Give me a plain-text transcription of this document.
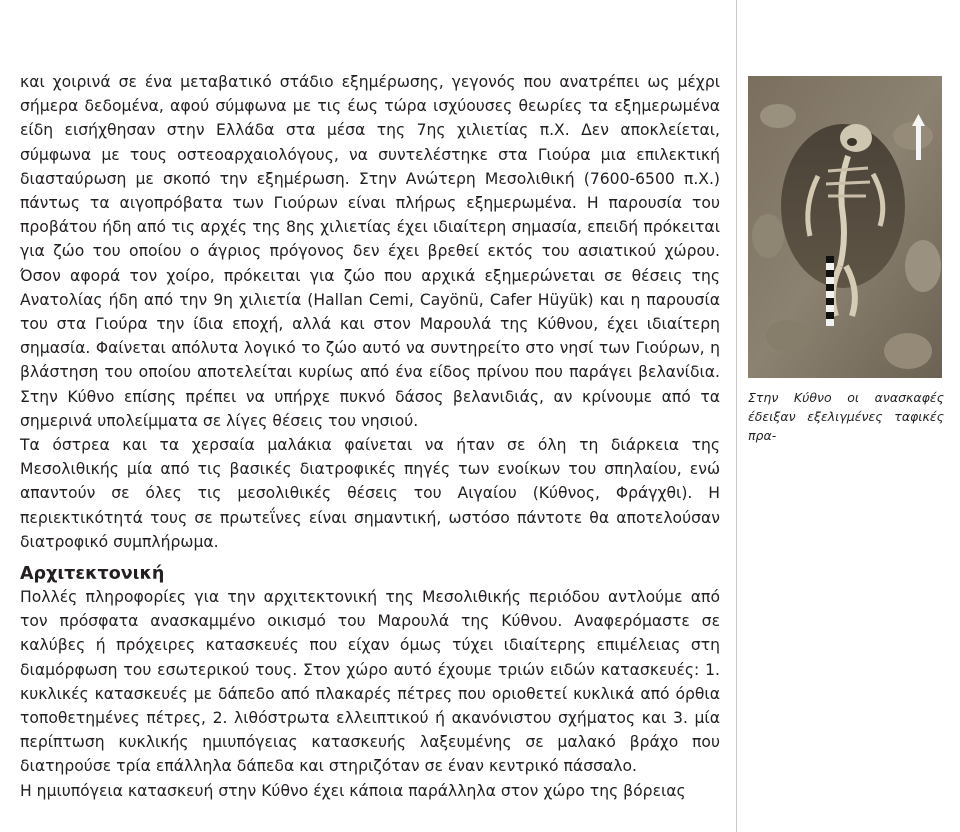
και χοιρινά σε ένα μεταβατικό στάδιο εξημέρωσης, γεγονός που ανατρέπει ως μέχρι σήμερα δεδομένα, αφού σύμφωνα με τις έως τώρα ισχύουσες θεωρίες τα εξημερωμένα είδη εισήχθησαν στην Ελλάδα στα μέσα της 7ης χιλιετίας π.Χ. Δεν αποκλείεται, σύμφωνα με τους οστεοαρχαιολόγους, να συντελέστηκε στα Γιούρα μια επιλεκτική διασταύρωση με σκοπό την εξημέρωση. Στην Ανώτερη Μεσολιθική (7600-6500 π.Χ.) πάντως τα αιγοπρόβατα των Γιούρων είναι πλήρως εξημερωμένα. Η παρουσία του προβάτου ήδη από τις αρχές της 8ης χιλιετίας έχει ιδιαίτερη σημασία, επειδή πρόκειται για ζώο του οποίου ο άγριος πρόγονος δεν έχει βρεθεί εκτός του ασιατικού χώρου. Όσον αφορά τον χοίρο, πρόκειται για ζώο που αρχικά εξημερώνεται σε θέσεις της Ανατολίας ήδη από την 9η χιλιετία (Hallan Cemi, Cayönü, Cafer Hüyük) και η παρουσία του στα Γιούρα την ίδια εποχή, αλλά και στον Μαρουλά της Κύθνου, έχει ιδιαίτερη σημασία. Φαίνεται απόλυτα λογικό το ζώο αυτό να συντηρείτο στο νησί των Γιούρων, η βλάστηση του οποίου αποτελείται κυρίως από ένα είδος πρίνου που παράγει βελανίδια. Στην Κύθνο επίσης πρέπει να υπήρχε πυκνό δάσος βελανιδιάς, αν κρίνουμε από τα σημερινά υπολείμματα σε λίγες θέσεις του νησιού.

Τα όστρεα και τα χερσαία μαλάκια φαίνεται να ήταν σε όλη τη διάρκεια της Μεσολιθικής μία από τις βασικές διατροφικές πηγές των ενοίκων του σπηλαίου, ενώ απαντούν σε όλες τις μεσολιθικές θέσεις του Αιγαίου (Κύθνος, Φράγχθι). Η περιεκτικότητά τους σε πρωτεΐνες είναι σημαντική, ωστόσο πάντοτε θα αποτελούσαν διατροφικό συμπλήρωμα.

Αρχιτεκτονική

Πολλές πληροφορίες για την αρχιτεκτονική της Μεσολιθικής περιόδου αντλούμε από τον πρόσφατα ανασκαμμένο οικισμό του Μαρουλά της Κύθνου. Αναφερόμαστε σε καλύβες ή πρόχειρες κατασκευές που είχαν όμως τύχει ιδιαίτερης επιμέλειας στη διαμόρφωση του εσωτερικού τους. Στον χώρο αυτό έχουμε τριών ειδών κατασκευές: 1. κυκλικές κατασκευές με δάπεδο από πλακαρές πέτρες που οριοθετεί κυκλικά από όρθια τοποθετημένες πέτρες, 2. λιθόστρωτα ελλειπτικού ή ακανόνιστου σχήματος και 3. μία περίπτωση κυκλικής ημιυπόγειας κατασκευής λαξευμένης σε μαλακό βράχο που διατηρούσε τρία επάλληλα δάπεδα και στηριζόταν σε έναν κεντρικό πάσσαλο.

Η ημιυπόγεια κατασκευή στην Κύθνο έχει κάποια παράλληλα στον χώρο της βόρειας

Στην Κύθνο οι ανασκαφές έδειξαν εξελιγμένες ταφικές πρα-
